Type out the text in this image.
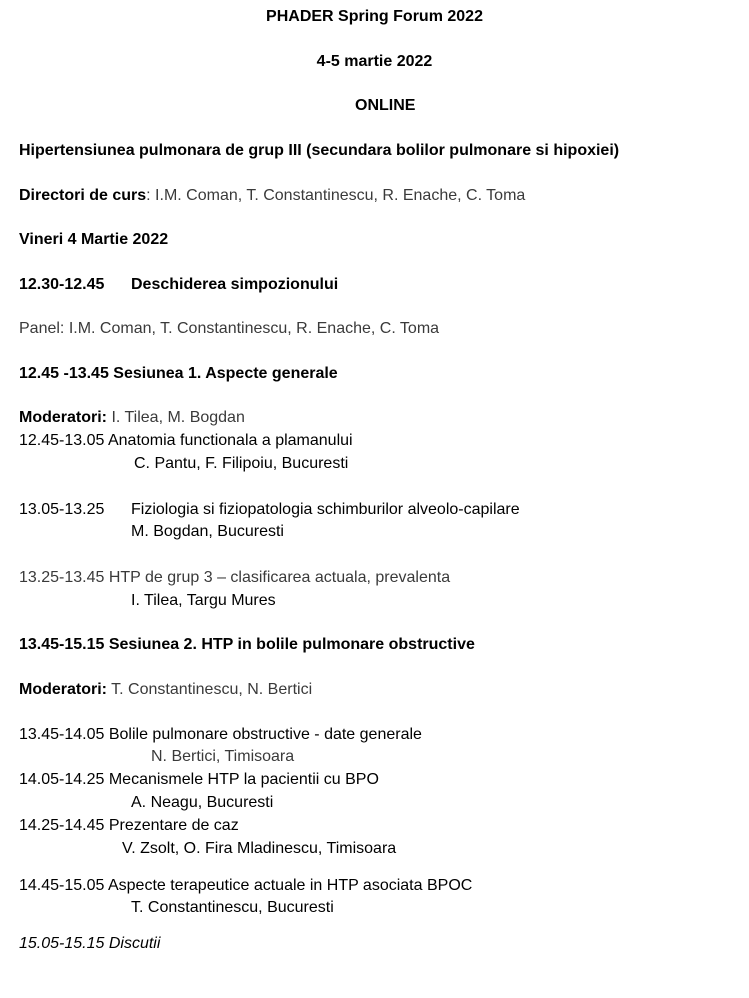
PHADER Spring Forum 2022
4-5 martie 2022
ONLINE
Hipertensiunea pulmonara de grup III (secundara bolilor pulmonare si hipoxiei)
Directori de curs: I.M. Coman, T. Constantinescu, R. Enache, C. Toma
Vineri 4 Martie 2022
12.30-12.45 Deschiderea simpozionului
Panel: I.M. Coman, T. Constantinescu, R. Enache, C. Toma
12.45 -13.45 Sesiunea 1. Aspecte generale
Moderatori: I. Tilea, M. Bogdan
12.45-13.05 Anatomia functionala a plamanului
C. Pantu, F. Filipoiu, Bucuresti
13.05-13.25 Fiziologia si fiziopatologia schimburilor alveolo-capilare
M. Bogdan, Bucuresti
13.25-13.45 HTP de grup 3 – clasificarea actuala, prevalenta
I. Tilea, Targu Mures
13.45-15.15 Sesiunea 2. HTP in bolile pulmonare obstructive
Moderatori: T. Constantinescu, N. Bertici
13.45-14.05 Bolile pulmonare obstructive - date generale
N. Bertici, Timisoara
14.05-14.25 Mecanismele HTP la pacientii cu BPO
A. Neagu, Bucuresti
14.25-14.45 Prezentare de caz
V. Zsolt, O. Fira Mladinescu, Timisoara
14.45-15.05 Aspecte terapeutice actuale in HTP asociata BPOC
T. Constantinescu, Bucuresti
15.05-15.15 Discutii
